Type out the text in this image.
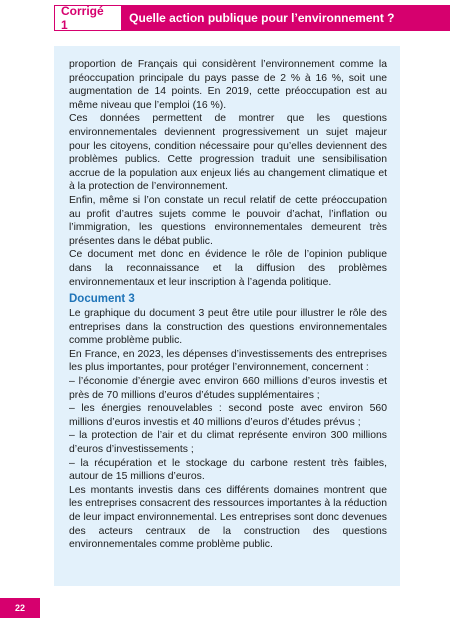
Corrigé 1	Quelle action publique pour l’environnement ?

proportion de Français qui considèrent l’environnement comme la préoccupation principale du pays passe de 2 % à 16 %, soit une augmentation de 14 points. En 2019, cette préoccupation est au même niveau que l’emploi (16 %).

Ces données permettent de montrer que les questions environnementales deviennent progressivement un sujet majeur pour les citoyens, condition nécessaire pour qu’elles deviennent des problèmes publics. Cette progression traduit une sensibilisation accrue de la population aux enjeux liés au changement climatique et à la protection de l’environnement.

Enfin, même si l’on constate un recul relatif de cette préoccupation au profit d’autres sujets comme le pouvoir d’achat, l’inflation ou l’immigration, les questions environnementales demeurent très présentes dans le débat public.

Ce document met donc en évidence le rôle de l’opinion publique dans la reconnaissance et la diffusion des problèmes environnementaux et leur inscription à l’agenda politique.

Document 3

Le graphique du document 3 peut être utile pour illustrer le rôle des entreprises dans la construction des questions environnementales comme problème public.

En France, en 2023, les dépenses d’investissements des entreprises les plus importantes, pour protéger l’environnement, concernent :

– l’économie d’énergie avec environ 660 millions d’euros investis et près de 70 millions d’euros d’études supplémentaires ;

– les énergies renouvelables : second poste avec environ 560 millions d’euros investis et 40 millions d’euros d’études prévus ;

– la protection de l’air et du climat représente environ 300 millions d’euros d’investissements ;

– la récupération et le stockage du carbone restent très faibles, autour de 15 millions d’euros.

Les montants investis dans ces différents domaines montrent que les entreprises consacrent des ressources importantes à la réduction de leur impact environnemental. Les entreprises sont donc devenues des acteurs centraux de la construction des questions environnementales comme problème public.

22
